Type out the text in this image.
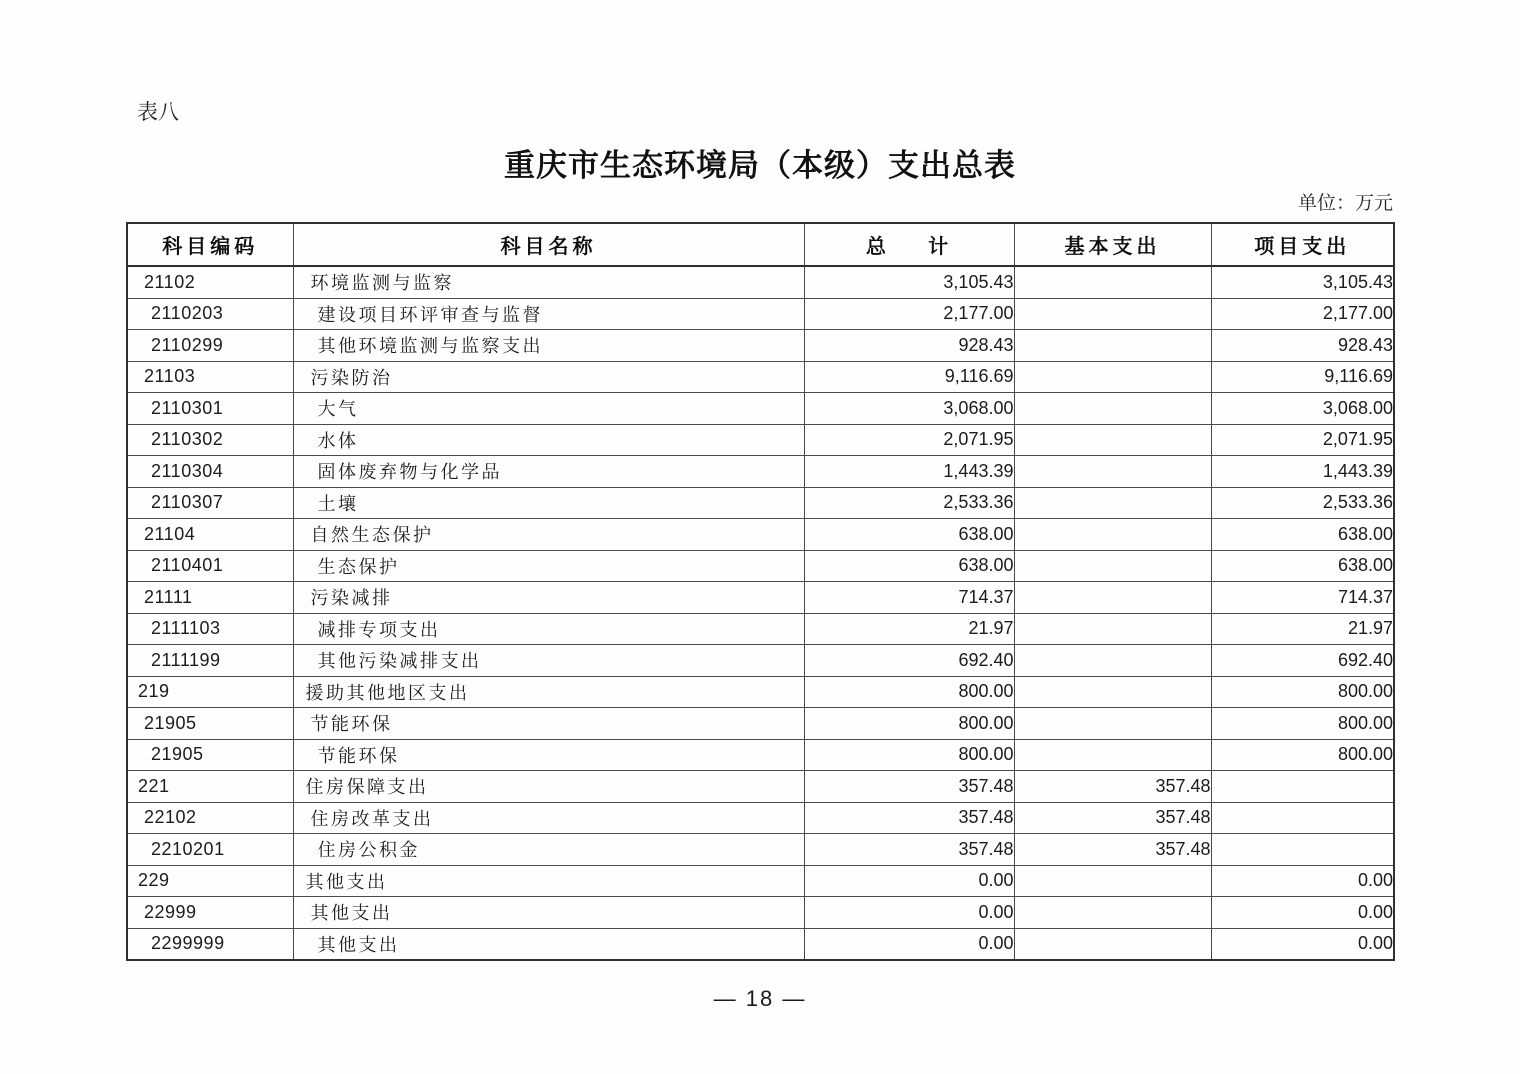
表八
重庆市生态环境局（本级）支出总表
单位：万元
科目编码	科目名称	总    计	基本支出	项目支出
21102	环境监测与监察	3,105.43		3,105.43
2110203	建设项目环评审查与监督	2,177.00		2,177.00
2110299	其他环境监测与监察支出	928.43		928.43
21103	污染防治	9,116.69		9,116.69
2110301	大气	3,068.00		3,068.00
2110302	水体	2,071.95		2,071.95
2110304	固体废弃物与化学品	1,443.39		1,443.39
2110307	土壤	2,533.36		2,533.36
21104	自然生态保护	638.00		638.00
2110401	生态保护	638.00		638.00
21111	污染减排	714.37		714.37
2111103	减排专项支出	21.97		21.97
2111199	其他污染减排支出	692.40		692.40
219	援助其他地区支出	800.00		800.00
21905	节能环保	800.00		800.00
21905	节能环保	800.00		800.00
221	住房保障支出	357.48	357.48	
22102	住房改革支出	357.48	357.48	
2210201	住房公积金	357.48	357.48	
229	其他支出	0.00		0.00
22999	其他支出	0.00		0.00
2299999	其他支出	0.00		0.00
— 18 —
